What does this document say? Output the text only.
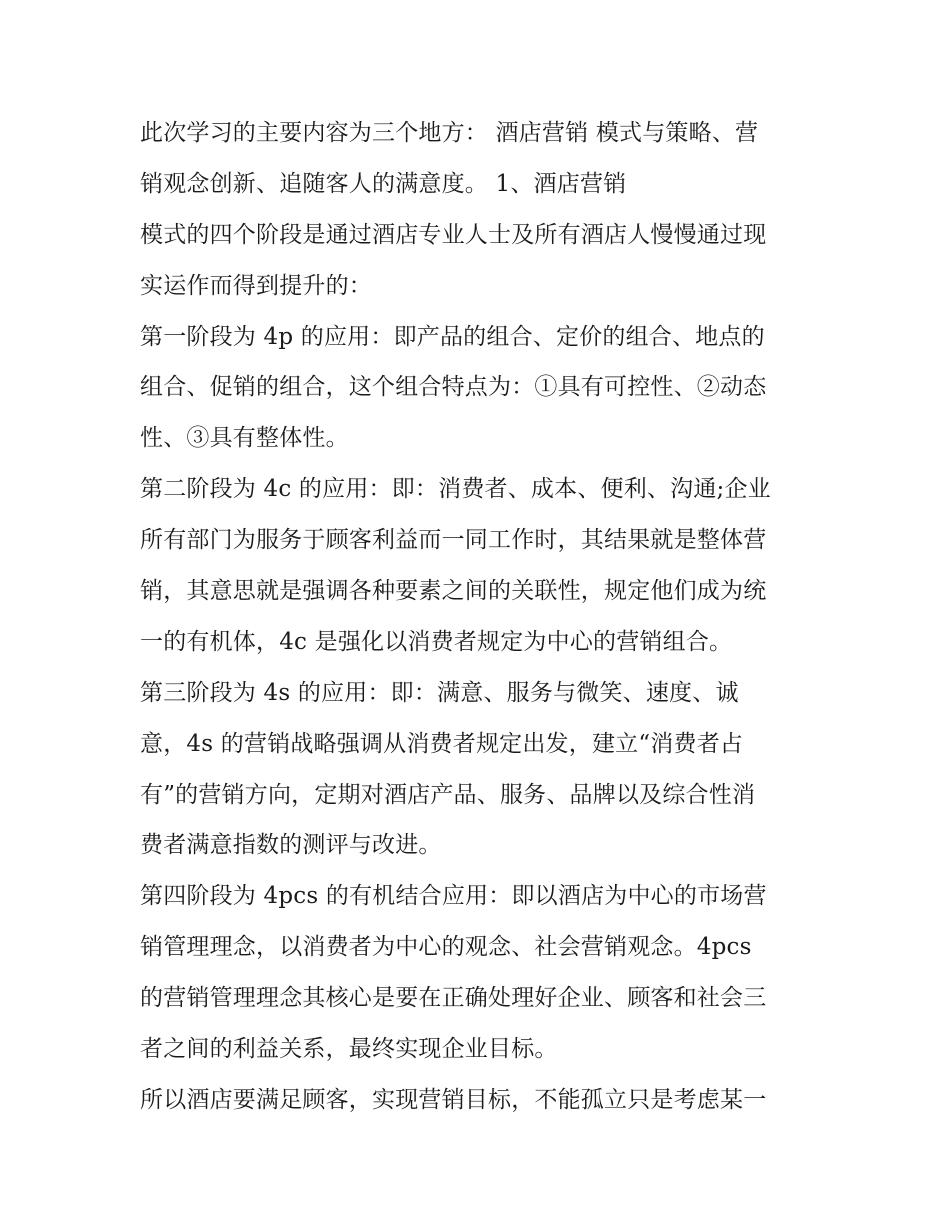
此次学习的主要内容为三个地方： 酒店营销 模式与策略、营
销观念创新、追随客人的满意度。 1、酒店营销
模式的四个阶段是通过酒店专业人士及所有酒店人慢慢通过现
实运作而得到提升的：
第一阶段为 4p 的应用：即产品的组合、定价的组合、地点的
组合、促销的组合，这个组合特点为：①具有可控性、②动态
性、③具有整体性。
第二阶段为 4c 的应用：即：消费者、成本、便利、沟通;企业
所有部门为服务于顾客利益而一同工作时，其结果就是整体营
销，其意思就是强调各种要素之间的关联性，规定他们成为统
一的有机体，4c 是强化以消费者规定为中心的营销组合。
第三阶段为 4s 的应用：即：满意、服务与微笑、速度、诚
意，4s 的营销战略强调从消费者规定出发，建立“消费者占
有”的营销方向，定期对酒店产品、服务、品牌以及综合性消
费者满意指数的测评与改进。
第四阶段为 4pcs 的有机结合应用：即以酒店为中心的市场营
销管理理念，以消费者为中心的观念、社会营销观念。4pcs
的营销管理理念其核心是要在正确处理好企业、顾客和社会三
者之间的利益关系，最终实现企业目标。
所以酒店要满足顾客，实现营销目标，不能孤立只是考虑某一
